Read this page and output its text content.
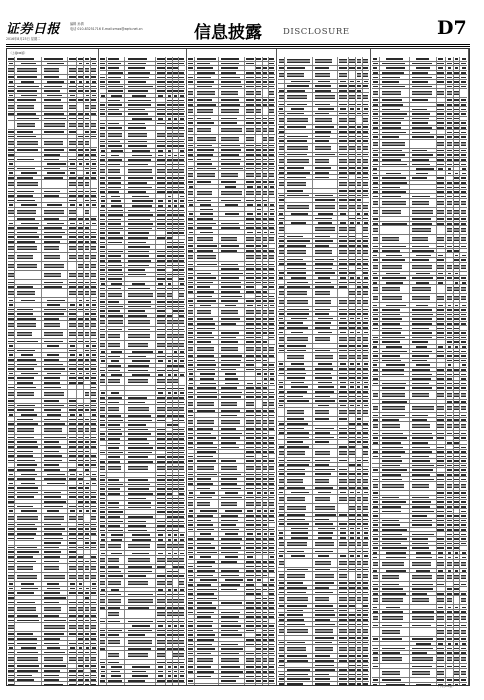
证券日报
2016年8月23日 星期二
编辑 孙倩
电话 010-83251716 E-mail:zmzx@zqrb.net.cn	信息披露 DISCLOSURE	D7
（上接D6版）
（下转D8版）
